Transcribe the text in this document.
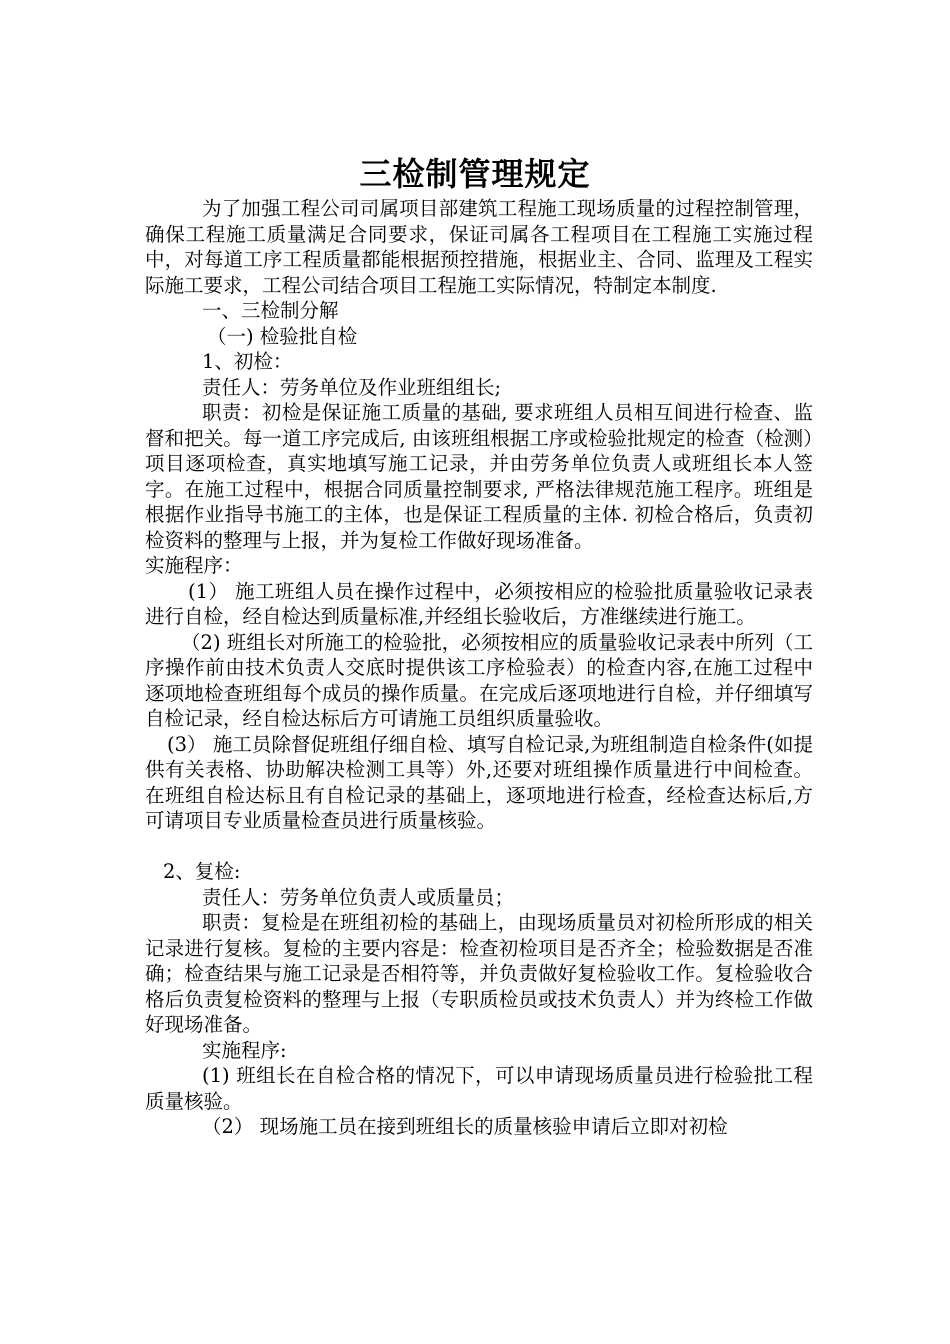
三检制管理规定

为了加强工程公司司属项目部建筑工程施工现场质量的过程控制管理，确保工程施工质量满足合同要求，保证司属各工程项目在工程施工实施过程中，对每道工序工程质量都能根据预控措施，根据业主、合同、监理及工程实际施工要求，工程公司结合项目工程施工实际情况，特制定本制度.

一、三检制分解

（一) 检验批自检

1、初检：

责任人：劳务单位及作业班组组长;

职责：初检是保证施工质量的基础, 要求班组人员相互间进行检查、监督和把关。每一道工序完成后, 由该班组根据工序或检验批规定的检查（检测）项目逐项检查，真实地填写施工记录，并由劳务单位负责人或班组长本人签字。在施工过程中，根据合同质量控制要求, 严格法律规范施工程序。班组是根据作业指导书施工的主体，也是保证工程质量的主体. 初检合格后，负责初检资料的整理与上报，并为复检工作做好现场准备。

实施程序：

(1） 施工班组人员在操作过程中，必须按相应的检验批质量验收记录表进行自检，经自检达到质量标准,并经组长验收后，方准继续进行施工。

（2) 班组长对所施工的检验批，必须按相应的质量验收记录表中所列（工序操作前由技术负责人交底时提供该工序检验表）的检查内容,在施工过程中逐项地检查班组每个成员的操作质量。在完成后逐项地进行自检，并仔细填写自检记录，经自检达标后方可请施工员组织质量验收。

(3） 施工员除督促班组仔细自检、填写自检记录,为班组制造自检条件(如提供有关表格、协助解决检测工具等）外,还要对班组操作质量进行中间检查。在班组自检达标且有自检记录的基础上，逐项地进行检查，经检查达标后,方可请项目专业质量检查员进行质量核验。

2、复检:

责任人：劳务单位负责人或质量员；

职责：复检是在班组初检的基础上，由现场质量员对初检所形成的相关记录进行复核。复检的主要内容是：检查初检项目是否齐全；检验数据是否准确；检查结果与施工记录是否相符等，并负责做好复检验收工作。复检验收合格后负责复检资料的整理与上报（专职质检员或技术负责人）并为终检工作做好现场准备。

实施程序:

(1) 班组长在自检合格的情况下，可以申请现场质量员进行检验批工程质量核验。

（2） 现场施工员在接到班组长的质量核验申请后立即对初检
